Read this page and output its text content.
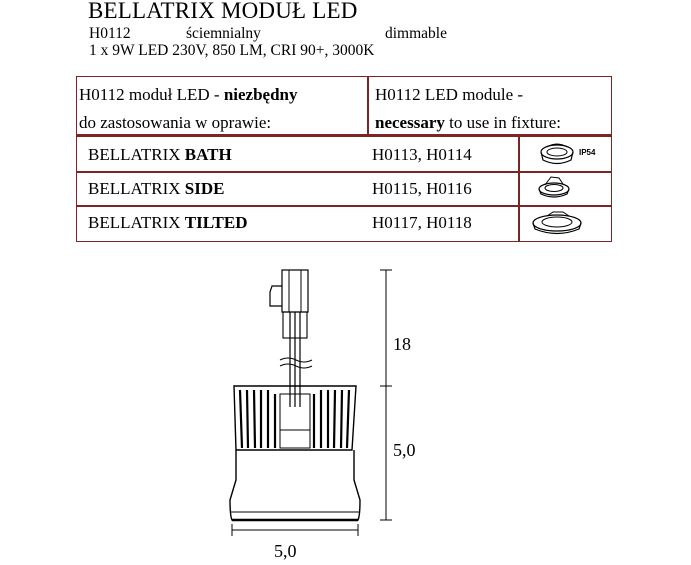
BELLATRIX MODUŁ LED
H0112	ściemnialny	dimmable
1 x 9W LED 230V, 850 LM, CRI 90+, 3000K
H0112 moduł LED - niezbędny
do zastosowania w oprawie:
H0112 LED module -
necessary to use in fixture:
BELLATRIX BATH	H0113, H0114	IP54
BELLATRIX SIDE	H0115, H0116
BELLATRIX TILTED	H0117, H0118
18
5,0
5,0
